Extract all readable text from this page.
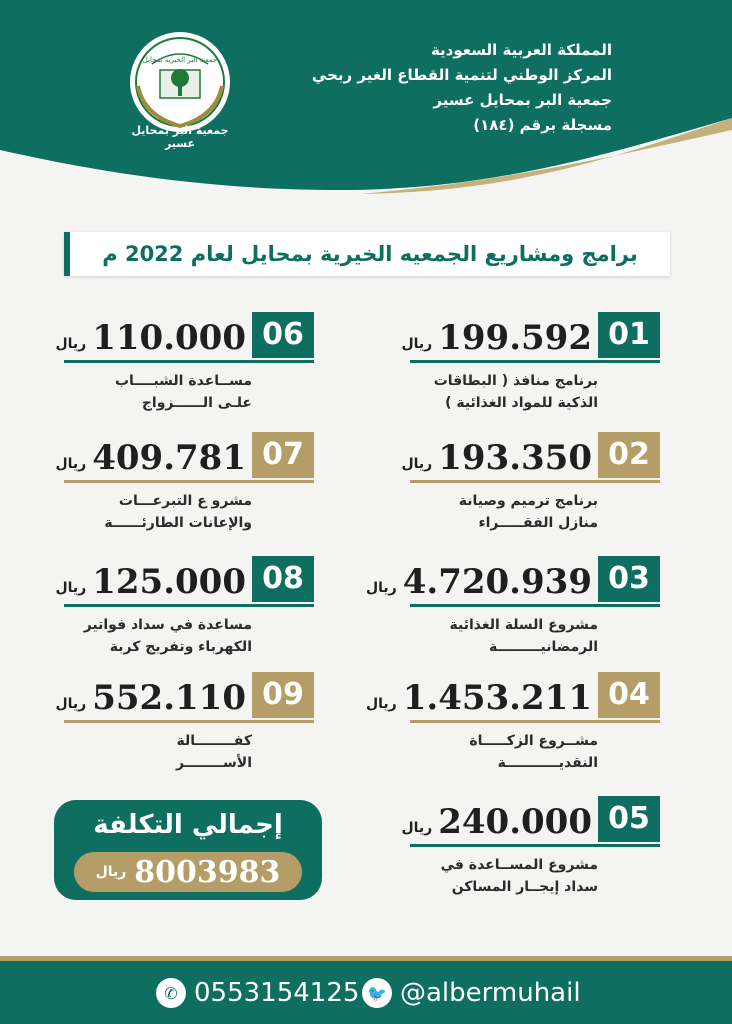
المملكة العربية السعودية
المركز الوطني لتنمية القطاع الغير ربحي
جمعية البر بمحايل عسير
مسجلة برقم (١٨٤)
جمعية البر الخيرية بمحايل
جمعية البر بمحايل عسير
برامج ومشاريع الجمعيه الخيرية بمحايل لعام 2022 م
01
ريال 199.592
برنامج منافذ ( البطاقات
الذكية للمواد الغذائية )
02
ريال 193.350
برنامج ترميم وصيانة
منازل الفقـــــراء
03
ريال 4.720.939
مشروع السلة الغذائية
الرمضانيـــــــــة
04
ريال 1.453.211
مشــروع الزكـــــاة
النقديـــــــــــة
05
ريال 240.000
مشروع المســاعدة في
سداد إيجــار المساكن
06
ريال 110.000
مســاعدة الشبــــاب
علـى الــــــزواج
07
ريال 409.781
مشرو ع التبرعـــات
والإعانات الطارئــــــة
08
ريال 125.000
مساعدة في سداد فواتير
الكهرباء وتفريج كربة
09
ريال 552.110
كفــــــــالة
الأســــــــر
إجمالي التكلفة
ريال 8003983
✆ 0553154125 🐦 @albermuhail
